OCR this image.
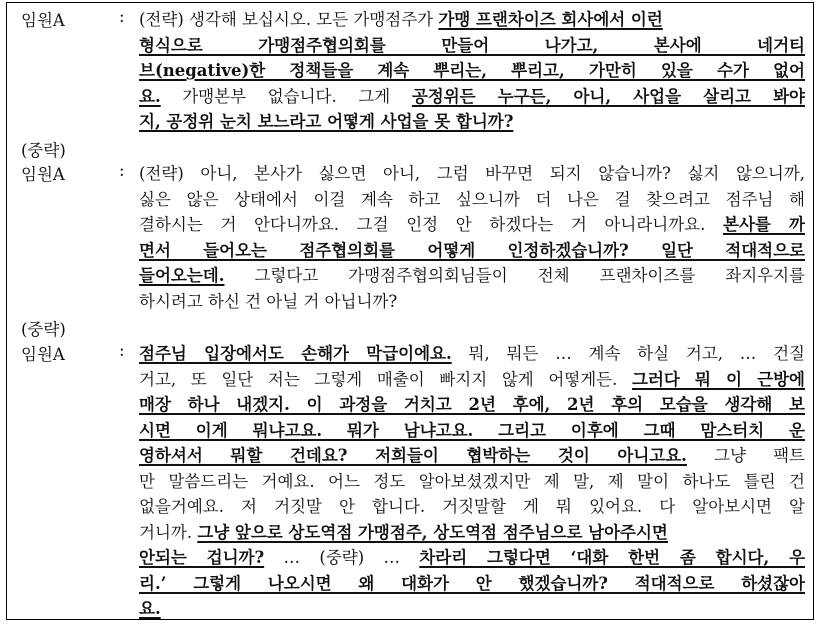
임원A	: (전략) 생각해 보십시오. 모든 가맹점주가 가맹 프랜차이즈 회사에서 이런
형식으로 가맹점주협의회를 만들어 나가고, 본사에 네거티
브(negative)한 정책들을 계속 뿌리는, 뿌리고, 가만히 있을 수가 없어
요. 가맹본부 없습니다. 그게 공정위든 누구든, 아니, 사업을 살리고 봐야
지, 공정위 눈치 보느라고 어떻게 사업을 못 합니까?
(중략)
임원A	: (전략) 아니, 본사가 싫으면 아니, 그럼 바꾸면 되지 않습니까? 싫지 않으니까,
싫은 않은 상태에서 이걸 계속 하고 싶으니까 더 나은 걸 찾으려고 점주님 해
결하시는 거 안다니까요. 그걸 인정 안 하겠다는 거 아니라니까요. 본사를 까
면서 들어오는 점주협의회를 어떻게 인정하겠습니까? 일단 적대적으로
들어오는데. 그렇다고 가맹점주협의회님들이 전체 프랜차이즈를 좌지우지를
하시려고 하신 건 아닐 거 아닙니까?
(중략)
임원A	: 점주님 입장에서도 손해가 막급이에요. 뭐, 뭐든 … 계속 하실 거고, … 건질
거고, 또 일단 저는 그렇게 매출이 빠지지 않게 어떻게든. 그러다 뭐 이 근방에
매장 하나 내겠지. 이 과정을 거치고 2년 후에, 2년 후의 모습을 생각해 보
시면 이게 뭐냐고요. 뭐가 남냐고요. 그리고 이후에 그때 맘스터치 운
영하셔서 뭐할 건데요? 저희들이 협박하는 것이 아니고요. 그냥 팩트
만 말씀드리는 거예요. 어느 정도 알아보셨겠지만 제 말, 제 말이 하나도 틀린 건
없을거예요. 저 거짓말 안 합니다. 거짓말할 게 뭐 있어요. 다 알아보시면 알
거니까. 그냥 앞으로 상도역점 가맹점주, 상도역점 점주님으로 남아주시면
안되는 겁니까? … (중략) … 차라리 그렇다면 ‘대화 한번 좀 합시다, 우
리.’ 그렇게 나오시면 왜 대화가 안 했겠습니까? 적대적으로 하셨잖아
요.
